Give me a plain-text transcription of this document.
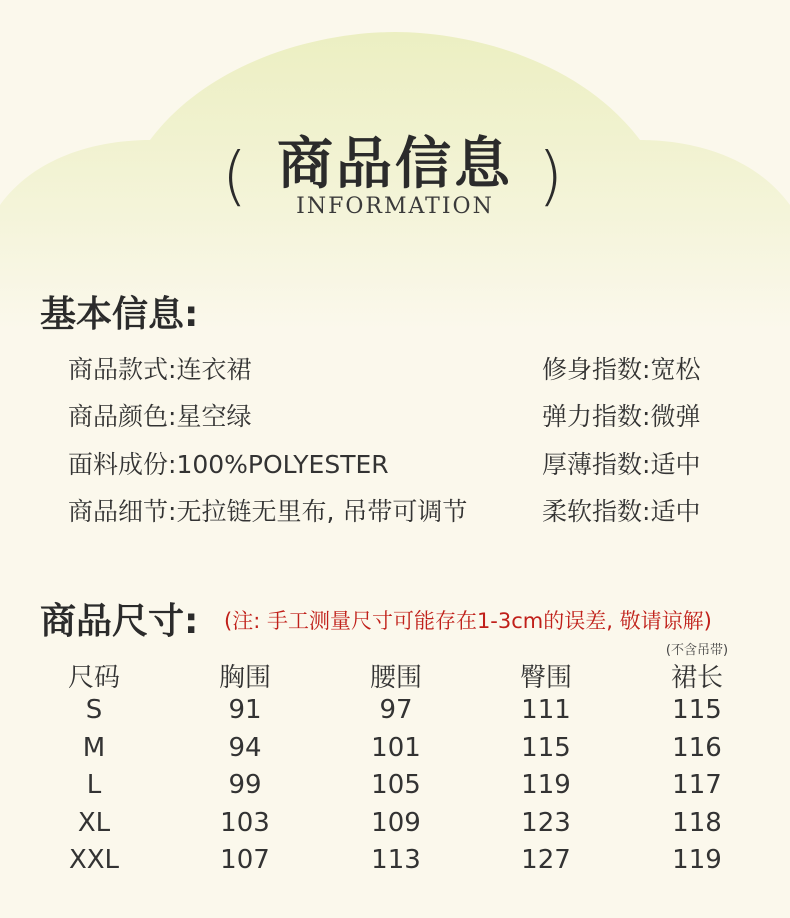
(	)
商品信息
INFORMATION
基本信息:
商品款式:连衣裙
商品颜色:星空绿
面料成份:100%POLYESTER
商品细节:无拉链无里布, 吊带可调节
修身指数:宽松
弹力指数:微弹
厚薄指数:适中
柔软指数:适中
商品尺寸: (注: 手工测量尺寸可能存在1-3cm的误差, 敬请谅解)
(不含吊带)
尺码	胸围	腰围	臀围	裙长
S	91	97	111	115
M	94	101	115	116
L	99	105	119	117
XL	103	109	123	118
XXL	107	113	127	119
